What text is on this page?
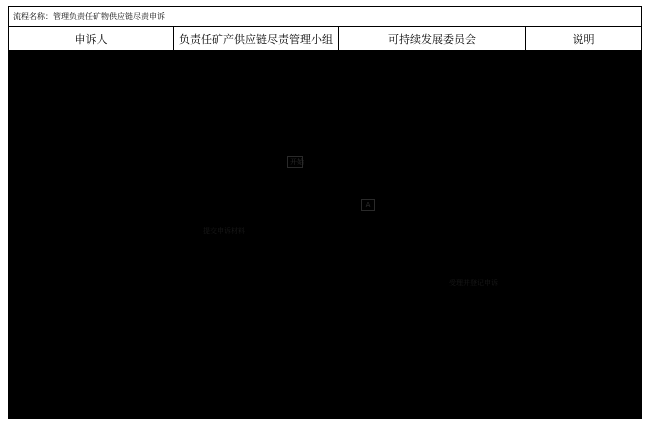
流程名称：管理负责任矿物供应链尽责申诉
申诉人	负责任矿产供应链尽责管理小组	可持续发展委员会	说明
开始
A
提交申诉材料
受理并登记申诉
